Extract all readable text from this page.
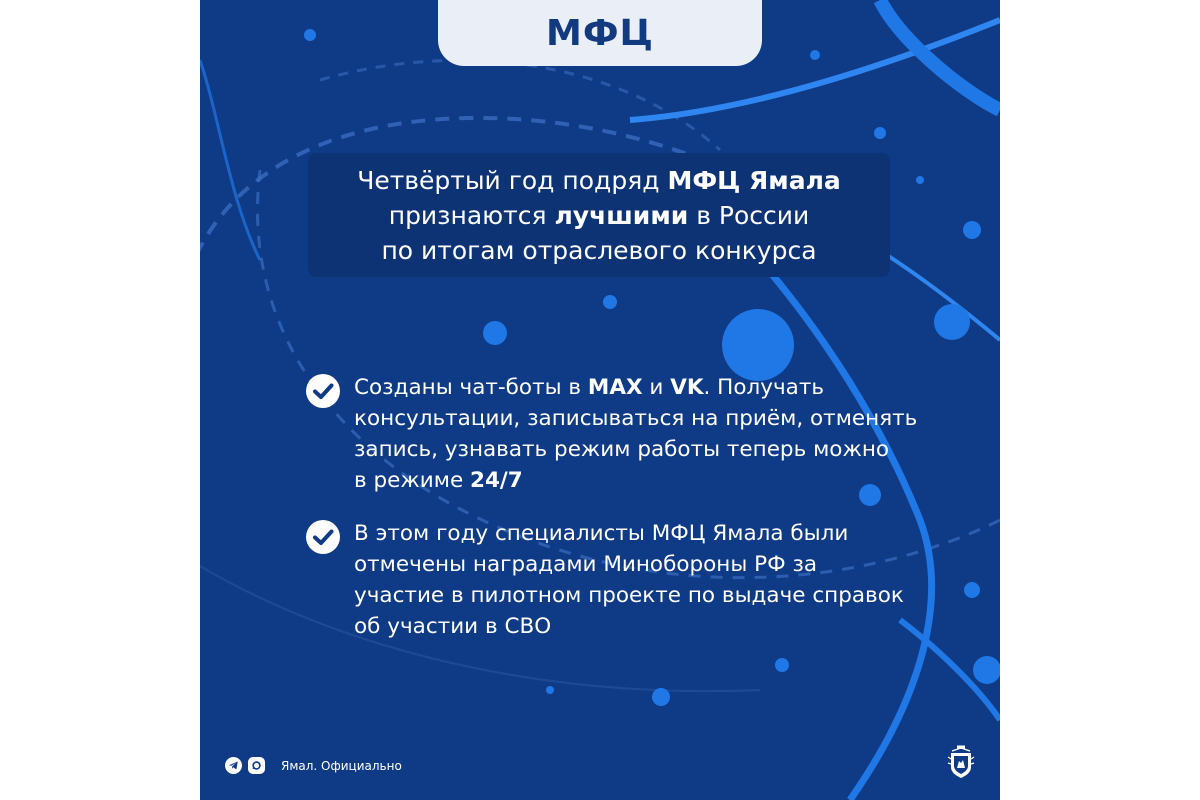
МФЦ
Четвёртый год подряд МФЦ Ямала
признаются лучшими в России
по итогам отраслевого конкурса
Созданы чат-боты в MAX и VK. Получать
консультации, записываться на приём, отменять
запись, узнавать режим работы теперь можно
в режиме 24/7
В этом году специалисты МФЦ Ямала были
отмечены наградами Минобороны РФ за
участие в пилотном проекте по выдаче справок
об участии в СВО
Ямал. Официально
